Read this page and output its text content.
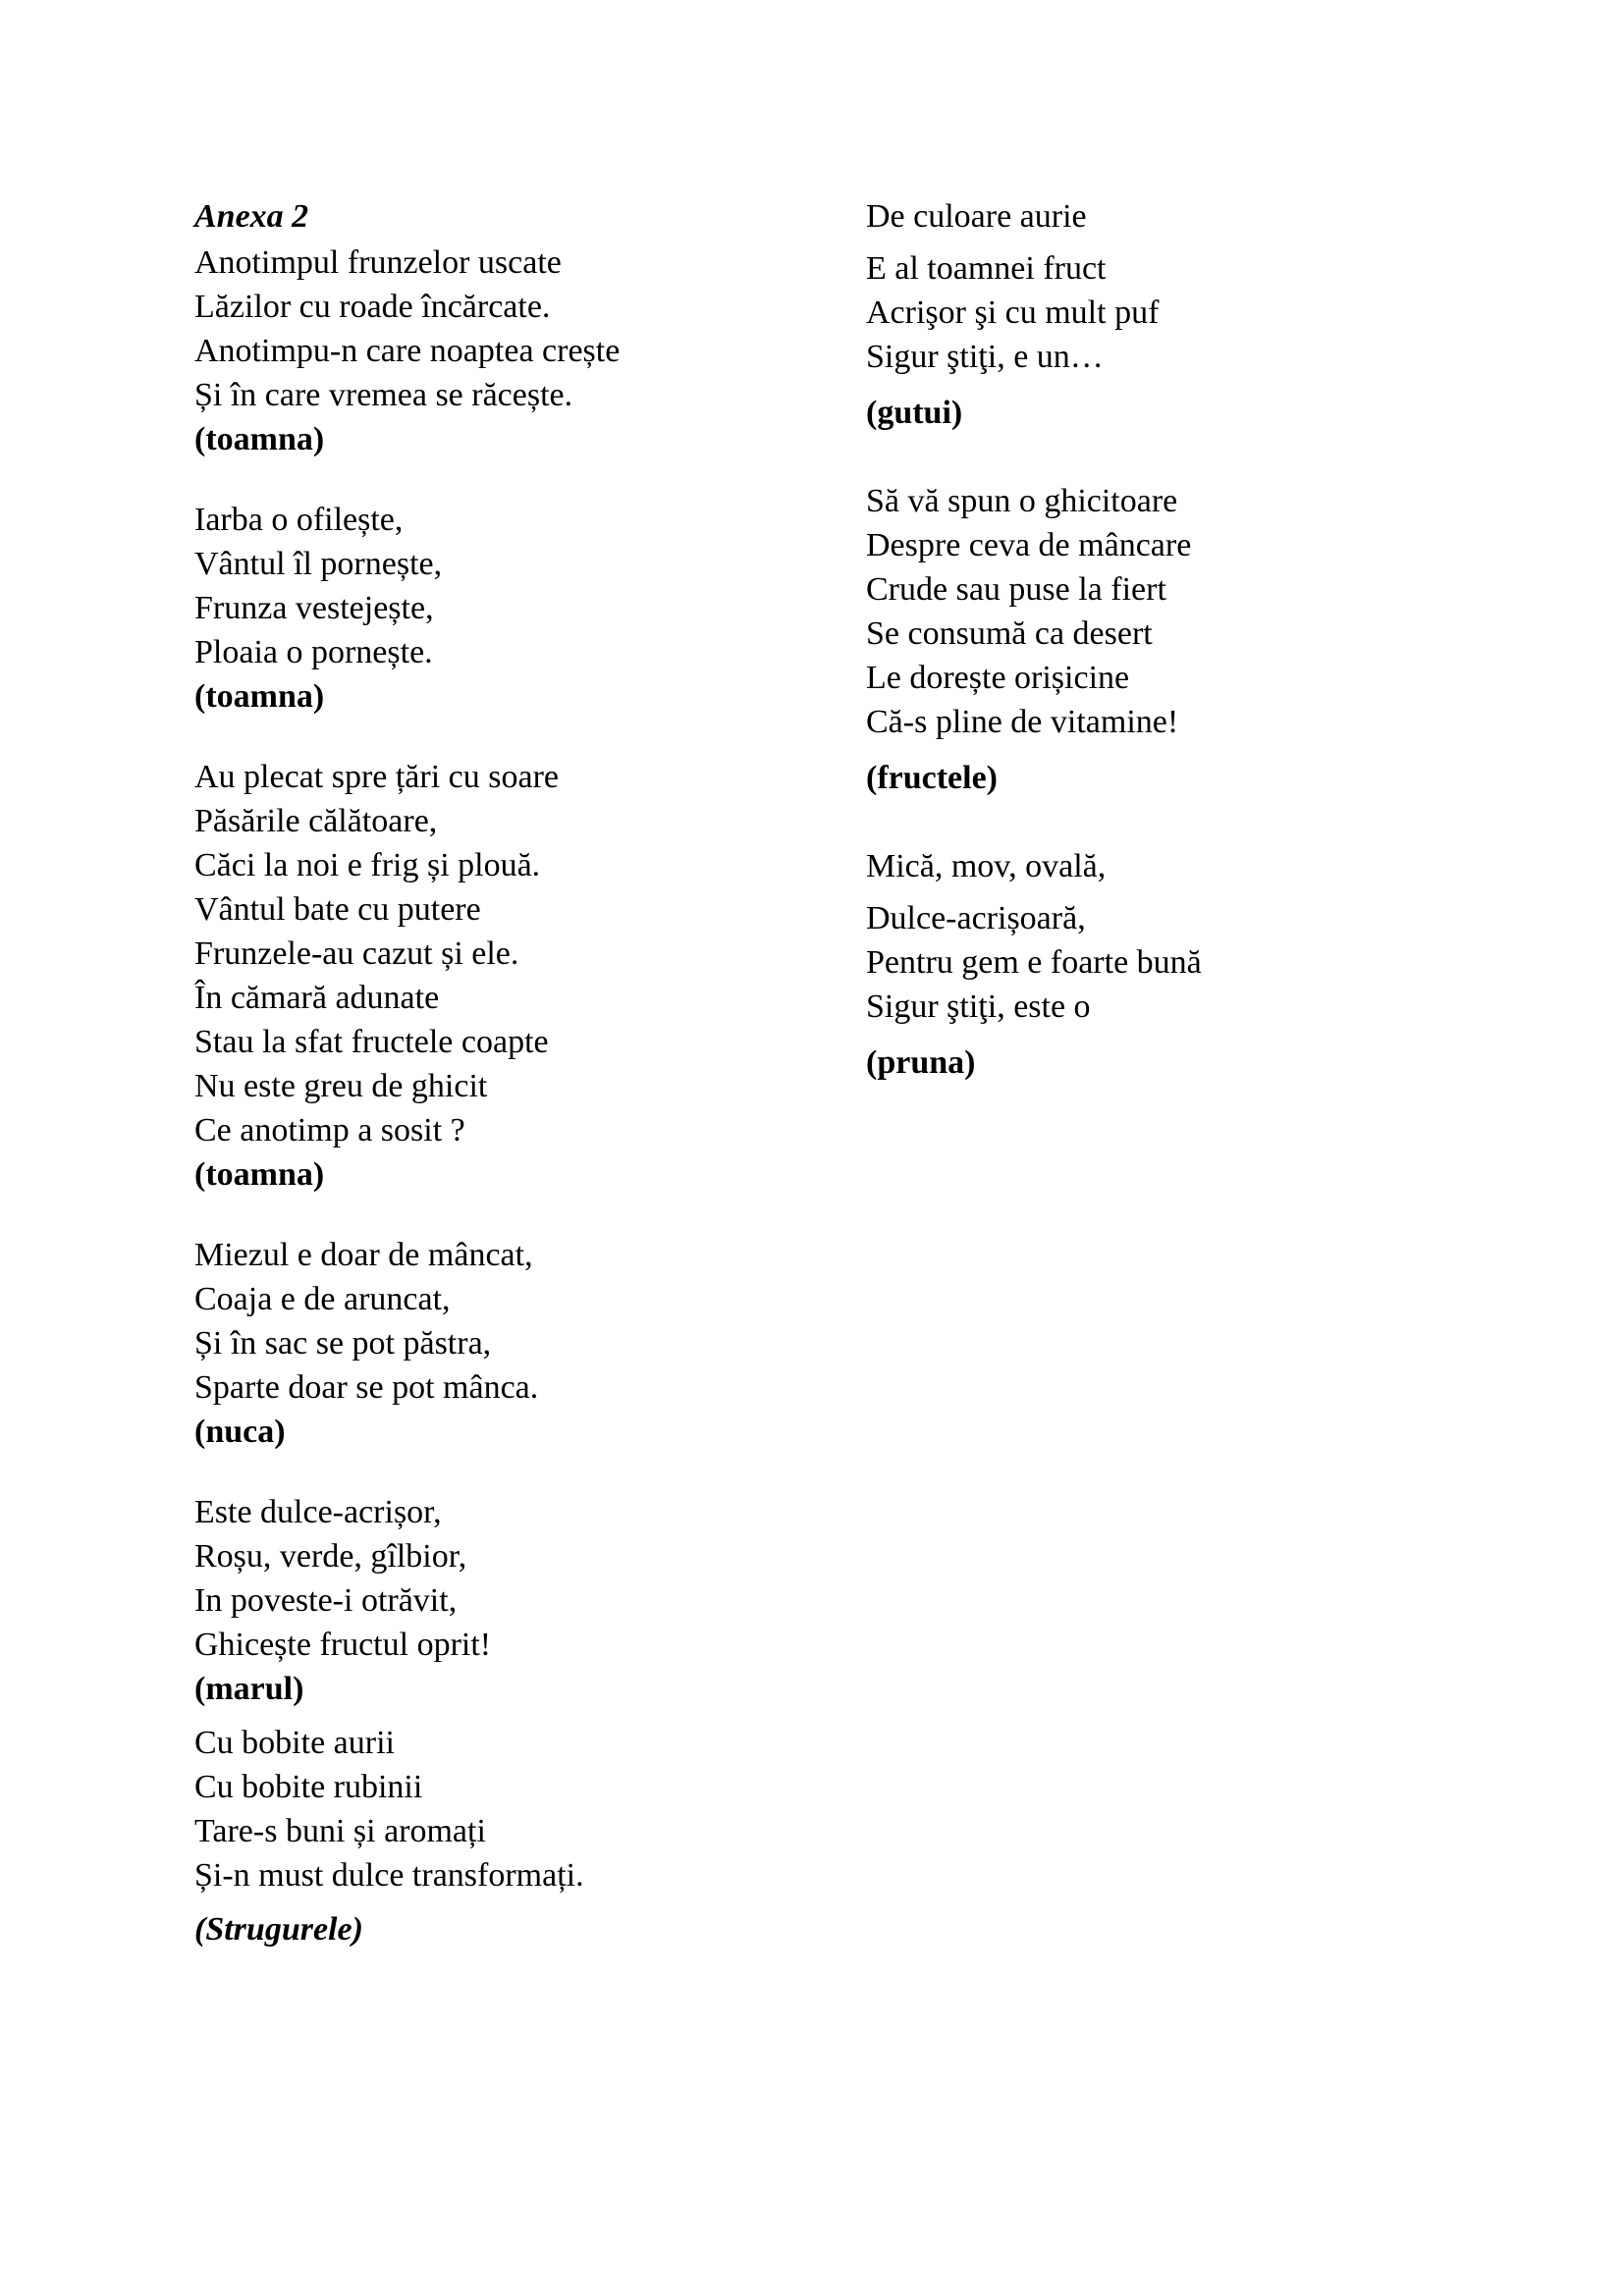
Anexa 2
Anotimpul frunzelor uscate
Lăzilor cu roade încărcate.
Anotimpu-n care noaptea crește
Și în care vremea se răcește.
(toamna)
Iarba o ofilește,
Vântul îl pornește,
Frunza vestejește,
Ploaia o pornește.
(toamna)
Au plecat spre țări cu soare
Păsările călătoare,
Căci la noi e frig și plouă.
Vântul bate cu putere
Frunzele-au cazut și ele.
În cămară adunate
Stau la sfat fructele coapte
Nu este greu de ghicit
Ce anotimp a sosit ?
(toamna)
Miezul e doar de mâncat,
Coaja e de aruncat,
Și în sac se pot păstra,
Sparte doar se pot mânca.
(nuca)
Este dulce-acrișor,
Roșu, verde, gîlbior,
In poveste-i otrăvit,
Ghicește fructul oprit!
(marul)
Cu bobite aurii
Cu bobite rubinii
Tare-s buni și aromați
Și-n must dulce transformați.
(Strugurele)
De culoare aurie
E al toamnei fruct
Acrişor şi cu mult puf
Sigur ştiţi, e un…
(gutui)
Să vă spun o ghicitoare
Despre ceva de mâncare
Crude sau puse la fiert
Se consumă ca desert
Le dorește orișicine
Că-s pline de vitamine!
(fructele)
Mică, mov, ovală,
Dulce-acrișoară,
Pentru gem e foarte bună
Sigur ştiţi, este o
(pruna)
